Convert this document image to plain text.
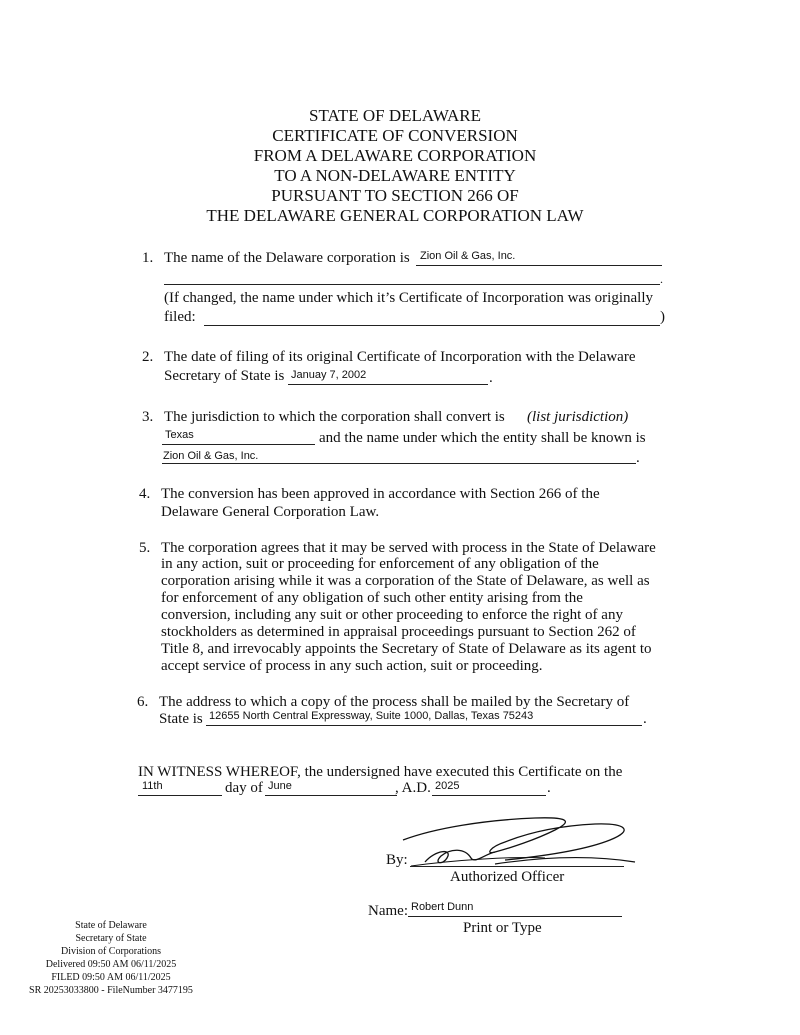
STATE OF DELAWARE
CERTIFICATE OF CONVERSION
FROM A DELAWARE CORPORATION
TO A NON-DELAWARE ENTITY
PURSUANT TO SECTION 266 OF
THE DELAWARE GENERAL CORPORATION LAW
1. The name of the Delaware corporation is Zion Oil & Gas, Inc.
.
(If changed, the name under which it’s Certificate of Incorporation was originally
filed:	)
2. The date of filing of its original Certificate of Incorporation with the Delaware
Secretary of State is Januay 7, 2002	.
3. The jurisdiction to which the corporation shall convert is (list jurisdiction)
Texas	and the name under which the entity shall be known is
Zion Oil & Gas, Inc.	.
4. The conversion has been approved in accordance with Section 266 of the
Delaware General Corporation Law.
5. The corporation agrees that it may be served with process in the State of Delaware
in any action, suit or proceeding for enforcement of any obligation of the
corporation arising while it was a corporation of the State of Delaware, as well as
for enforcement of any obligation of such other entity arising from the
conversion, including any suit or other proceeding to enforce the right of any
stockholders as determined in appraisal proceedings pursuant to Section 262 of
Title 8, and irrevocably appoints the Secretary of State of Delaware as its agent to
accept service of process in any such action, suit or proceeding.
6. The address to which a copy of the process shall be mailed by the Secretary of
State is 12655 North Central Expressway, Suite 1000, Dallas, Texas 75243	.
IN WITNESS WHEREOF, the undersigned have executed this Certificate on the
11th	day of June	, A.D. 2025	.
By:
Authorized Officer
Name: Robert Dunn
Print or Type
State of Delaware
Secretary of State
Division of Corporations
Delivered 09:50 AM 06/11/2025
FILED 09:50 AM 06/11/2025
SR 20253033800 - FileNumber 3477195
